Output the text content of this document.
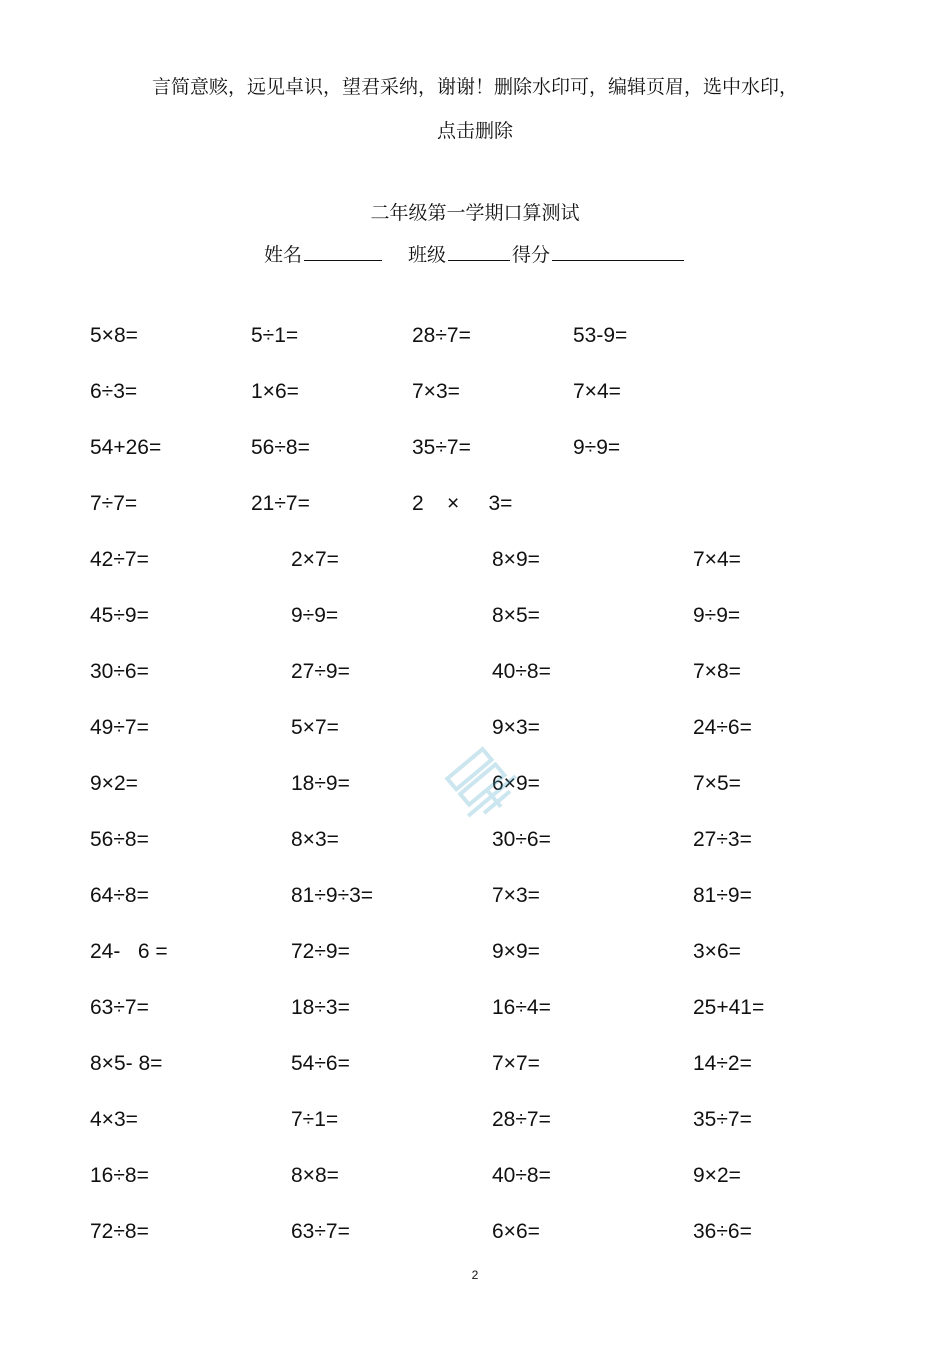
言简意赅，远见卓识，望君采纳，谢谢！删除水印可，编辑页眉，选中水印，
点击删除
二年级第一学期口算测试
姓名	班级	得分
5×8=	5÷1=	28÷7=	53-9=
6÷3=	1×6=	7×3=	7×4=
54+26=	56÷8=	35÷7=	9÷9=
7÷7=	21÷7=	2    ×     3=
42÷7=	2×7=	8×9=	7×4=
45÷9=	9÷9=	8×5=	9÷9=
30÷6=	27÷9=	40÷8=	7×8=
49÷7=	5×7=	9×3=	24÷6=
9×2=	18÷9=	6×9=	7×5=
56÷8=	8×3=	30÷6=	27÷3=
64÷8=	81÷9÷3=	7×3=	81÷9=
24-   6 =	72÷9=	9×9=	3×6=
63÷7=	18÷3=	16÷4=	25+41=
8×5- 8=	54÷6=	7×7=	14÷2=
4×3=	7÷1=	28÷7=	35÷7=
16÷8=	8×8=	40÷8=	9×2=
72÷8=	63÷7=	6×6=	36÷6=
2
